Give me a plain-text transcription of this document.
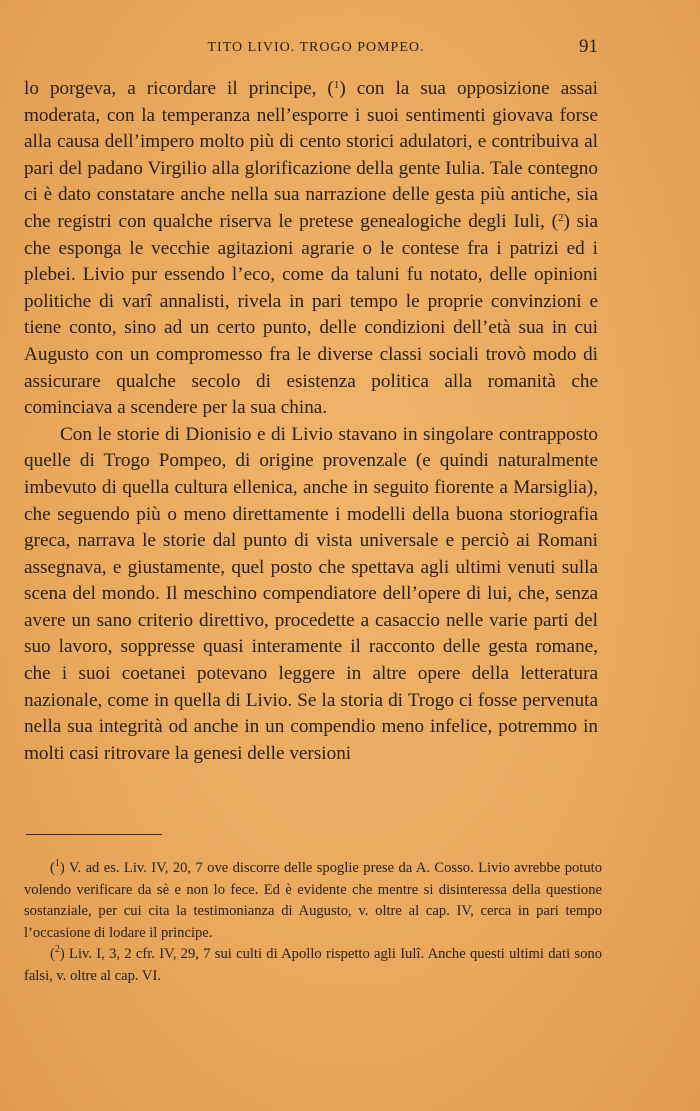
TITO LIVIO. TROGO POMPEO.	91

lo porgeva, a ricordare il principe, ($^1$) con la sua opposizione assai moderata, con la temperanza nell’esporre i suoi sentimenti giovava forse alla causa dell’impero molto più di cento storici adulatori, e contribuiva al pari del padano Virgilio alla glorificazione della gente Iulia. Tale contegno ci è dato constatare anche nella sua narrazione delle gesta più antiche, sia che registri con qualche riserva le pretese genealogiche degli Iuli, ($^2$) sia che esponga le vecchie agitazioni agrarie o le contese fra i patrizi ed i plebei. Livio pur essendo l’eco, come da taluni fu notato, delle opinioni politiche di varî annalisti, rivela in pari tempo le proprie convinzioni e tiene conto, sino ad un certo punto, delle condizioni dell’età sua in cui Augusto con un compromesso fra le diverse classi sociali trovò modo di assicurare qualche secolo di esistenza politica alla romanità che cominciava a scendere per la sua china.

Con le storie di Dionisio e di Livio stavano in singolare contrapposto quelle di Trogo Pompeo, di origine provenzale (e quindi naturalmente imbevuto di quella cultura ellenica, anche in seguito fiorente a Marsiglia), che seguendo più o meno direttamente i modelli della buona storiografia greca, narrava le storie dal punto di vista universale e perciò ai Romani assegnava, e giustamente, quel posto che spettava agli ultimi venuti sulla scena del mondo. Il meschino compendiatore dell’opere di lui, che, senza avere un sano criterio direttivo, procedette a casaccio nelle varie parti del suo lavoro, soppresse quasi interamente il racconto delle gesta romane, che i suoi coetanei potevano leggere in altre opere della letteratura nazionale, come in quella di Livio. Se la storia di Trogo ci fosse pervenuta nella sua integrità od anche in un compendio meno infelice, potremmo in molti casi ritrovare la genesi delle versioni

($^1$) V. ad es. Liv. IV, 20, 7 ove discorre delle spoglie prese da A. Cosso. Livio avrebbe potuto volendo verificare da sè e non lo fece. Ed è evidente che mentre si disinteressa della questione sostanziale, per cui cita la testimonianza di Augusto, v. oltre al cap. IV, cerca in pari tempo l’occasione di lodare il principe.

($^2$) Liv. I, 3, 2 cfr. IV, 29, 7 sui culti di Apollo rispetto agli Iulî. Anche questi ultimi dati sono falsi, v. oltre al cap. VI.
